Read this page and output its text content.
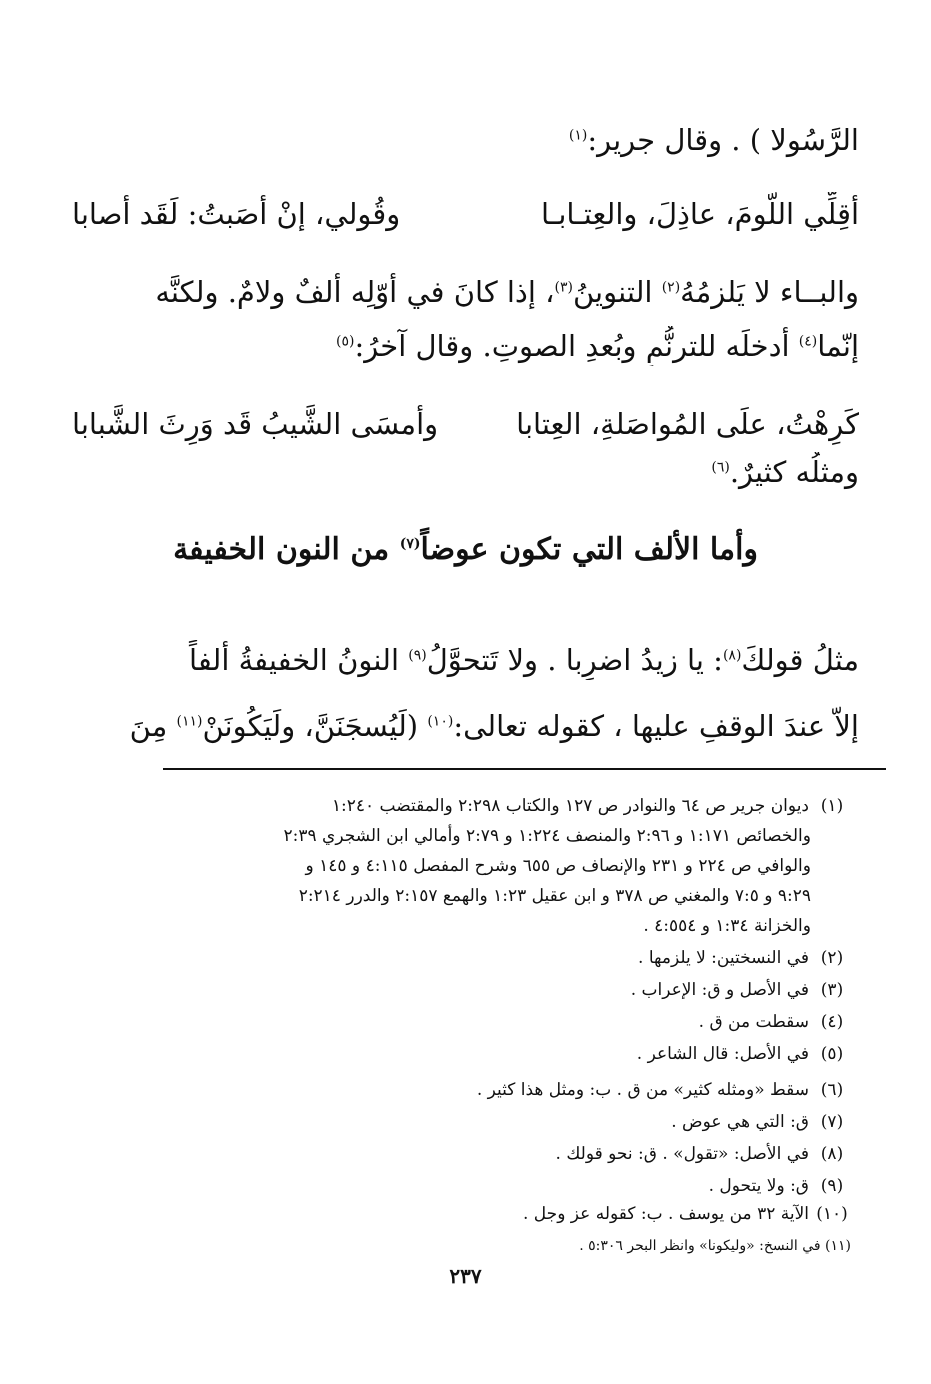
الرَّسُولا ) . وقال جرير:$^{(١)}$
أقِلِّي اللَّومَ، عاذِلَ، والعِتـابـا
وقُولي، إنْ أصَبتُ: لَقَد أصابا
والبــاء لا يَلزمُهُ$^{(٢)}$ التنوينُ$^{(٣)}$، إذا كانَ في أوّلِه ألفٌ ولامٌ. ولكنَّه
إنّما$^{(٤)}$ أدخلَه للترنُّمِ وبُعدِ الصوتِ. وقال آخرُ:$^{(٥)}$
كَرِهْتُ، علَى المُواصَلةِ، العِتابا
وأمسَى الشَّيبُ قَد وَرِثَ الشَّبابا
ومثلُه كثيرٌ.$^{(٦)}$
وأما الألف التي تكون عوضاً$^{(٧)}$ من النون الخفيفة
مثلُ قولكَ$^{(٨)}$: يا زيدُ اضرِبا . ولا تَتحوَّلُ$^{(٩)}$ النونُ الخفيفةُ ألفاً
إلاّ عندَ الوقفِ عليها ، كقوله تعالى:$^{(١٠)}$ (لَيُسجَنَنَّ، ولَيَكُونَنْ$^{(١١)}$ مِنَ
(١)ديوان جرير ص ٦٤ والنوادر ص ١٢٧ والكتاب ٢:٢٩٨ والمقتضب ١:٢٤٠
والخصائص ١:١٧١ و ٢:٩٦ والمنصف ١:٢٢٤ و ٢:٧٩ وأمالي ابن الشجري ٢:٣٩
والوافي ص ٢٢٤ و ٢٣١ والإنصاف ص ٦٥٥ وشرح المفصل ٤:١١٥ و ١٤٥ و
٩:٢٩ و ٧:٥ والمغني ص ٣٧٨ و ابن عقيل ١:٢٣ والهمع ٢:١٥٧ والدرر ٢:٢١٤
والخزانة ١:٣٤ و ٤:٥٥٤ .
(٢)في النسختين: لا يلزمها .
(٣)في الأصل و ق: الإعراب .
(٤)سقطت من ق .
(٥)في الأصل: قال الشاعر .
(٦)سقط «ومثله كثير» من ق . ب: ومثل هذا كثير .
(٧)ق: التي هي عوض .
(٨)في الأصل: «تقول» . ق: نحو قولك .
(٩)ق: ولا يتحول .
(١٠)الآية ٣٢ من يوسف . ب: كقوله عز وجل .
(١١) في النسخ: «وليكونا» وانظر البحر ٥:٣٠٦ .
٢٣٧
